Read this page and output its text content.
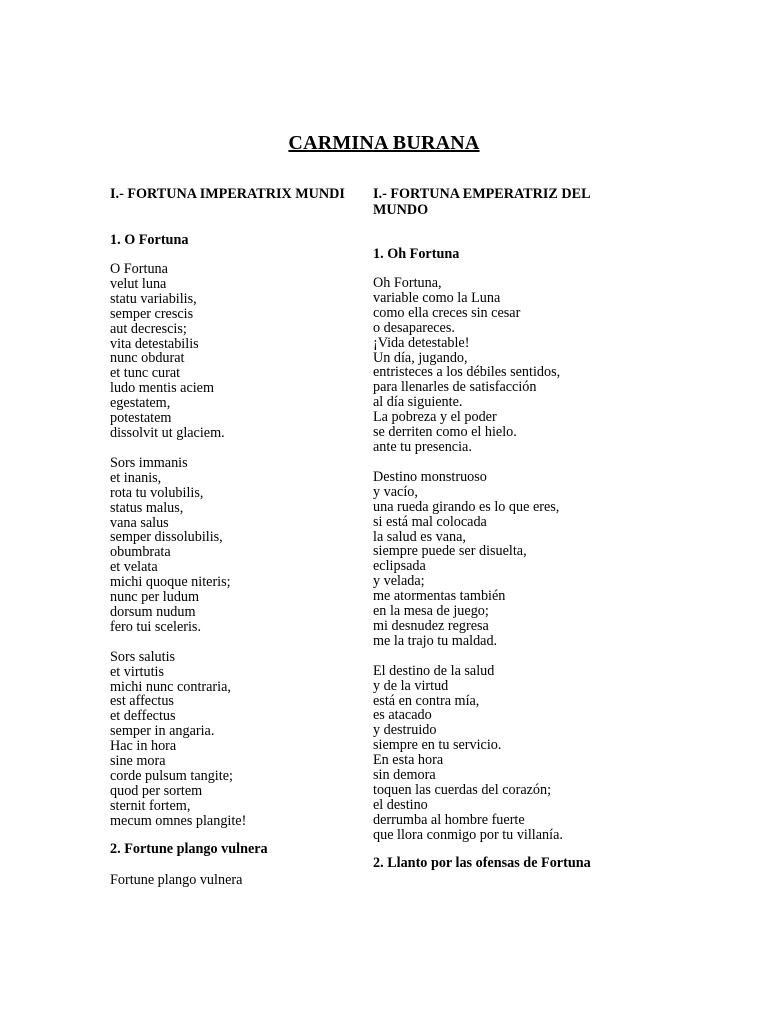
CARMINA BURANA
I.- FORTUNA IMPERATRIX MUNDI
1. O Fortuna
O Fortuna
velut luna
statu variabilis,
semper crescis
aut decrescis;
vita detestabilis
nunc obdurat
et tunc curat
ludo mentis aciem
egestatem,
potestatem
dissolvit ut glaciem.
Sors immanis
et inanis,
rota tu volubilis,
status malus,
vana salus
semper dissolubilis,
obumbrata
et velata
michi quoque niteris;
nunc per ludum
dorsum nudum
fero tui sceleris.
Sors salutis
et virtutis
michi nunc contraria,
est affectus
et deffectus
semper in angaria.
Hac in hora
sine mora
corde pulsum tangite;
quod per sortem
sternit fortem,
mecum omnes plangite!
2. Fortune plango vulnera
Fortune plango vulnera
I.- FORTUNA EMPERATRIZ DEL
MUNDO
1. Oh Fortuna
Oh Fortuna,
variable como la Luna
como ella creces sin cesar
o desapareces.
¡Vida detestable!
Un día, jugando,
entristeces a los débiles sentidos,
para llenarles de satisfacción
al día siguiente.
La pobreza y el poder
se derriten como el hielo.
ante tu presencia.
Destino monstruoso
y vacío,
una rueda girando es lo que eres,
si está mal colocada
la salud es vana,
siempre puede ser disuelta,
eclipsada
y velada;
me atormentas también
en la mesa de juego;
mi desnudez regresa
me la trajo tu maldad.
El destino de la salud
y de la virtud
está en contra mía,
es atacado
y destruido
siempre en tu servicio.
En esta hora
sin demora
toquen las cuerdas del corazón;
el destino
derrumba al hombre fuerte
que llora conmigo por tu villanía.
2. Llanto por las ofensas de Fortuna
